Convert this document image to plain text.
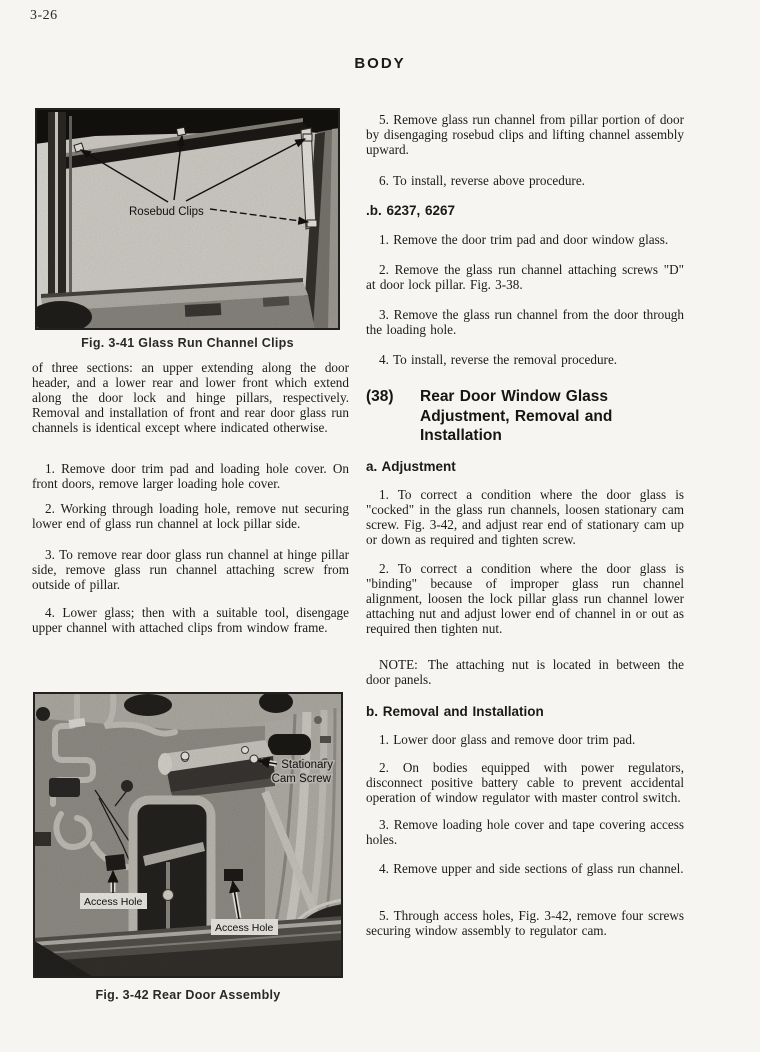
3-26
BODY
Rosebud Clips
Fig. 3-41 Glass Run Channel Clips

of three sections: an upper extending along the door header, and a lower rear and lower front which extend along the door lock and hinge pillars, respectively. Removal and installation of front and rear door glass run channels is identical except where indicated otherwise.

1. Remove door trim pad and loading hole cover. On front doors, remove larger loading hole cover.

2. Working through loading hole, remove nut securing lower end of glass run channel at lock pillar side.

3. To remove rear door glass run channel at hinge pillar side, remove glass run channel attaching screw from outside of pillar.

4. Lower glass; then with a suitable tool, disengage upper channel with attached clips from window frame.

Access Hole
Access Hole
Stationary
Cam Screw
Fig. 3-42 Rear Door Assembly

5. Remove glass run channel from pillar portion of door by disengaging rosebud clips and lifting channel assembly upward.

6. To install, reverse above procedure.

.b. 6237, 6267

1. Remove the door trim pad and door window glass.

2. Remove the glass run channel attaching screws "D" at door lock pillar. Fig. 3-38.

3. Remove the glass run channel from the door through the loading hole.

4. To install, reverse the removal procedure.

(38)	Rear Door Window Glass Adjustment, Removal and Installation
a. Adjustment

1. To correct a condition where the door glass is "cocked" in the glass run channels, loosen stationary cam screw. Fig. 3-42, and adjust rear end of stationary cam up or down as required and tighten screw.

2. To correct a condition where the door glass is "binding" because of improper glass run channel alignment, loosen the lock pillar glass run channel lower attaching nut and adjust lower end of channel in or out as required then tighten nut.

NOTE: The attaching nut is located in between the door panels.

b. Removal and Installation

1. Lower door glass and remove door trim pad.

2. On bodies equipped with power regulators, disconnect positive battery cable to prevent accidental operation of window regulator with master control switch.

3. Remove loading hole cover and tape covering access holes.

4. Remove upper and side sections of glass run channel.

5. Through access holes, Fig. 3-42, remove four screws securing window assembly to regulator cam.
